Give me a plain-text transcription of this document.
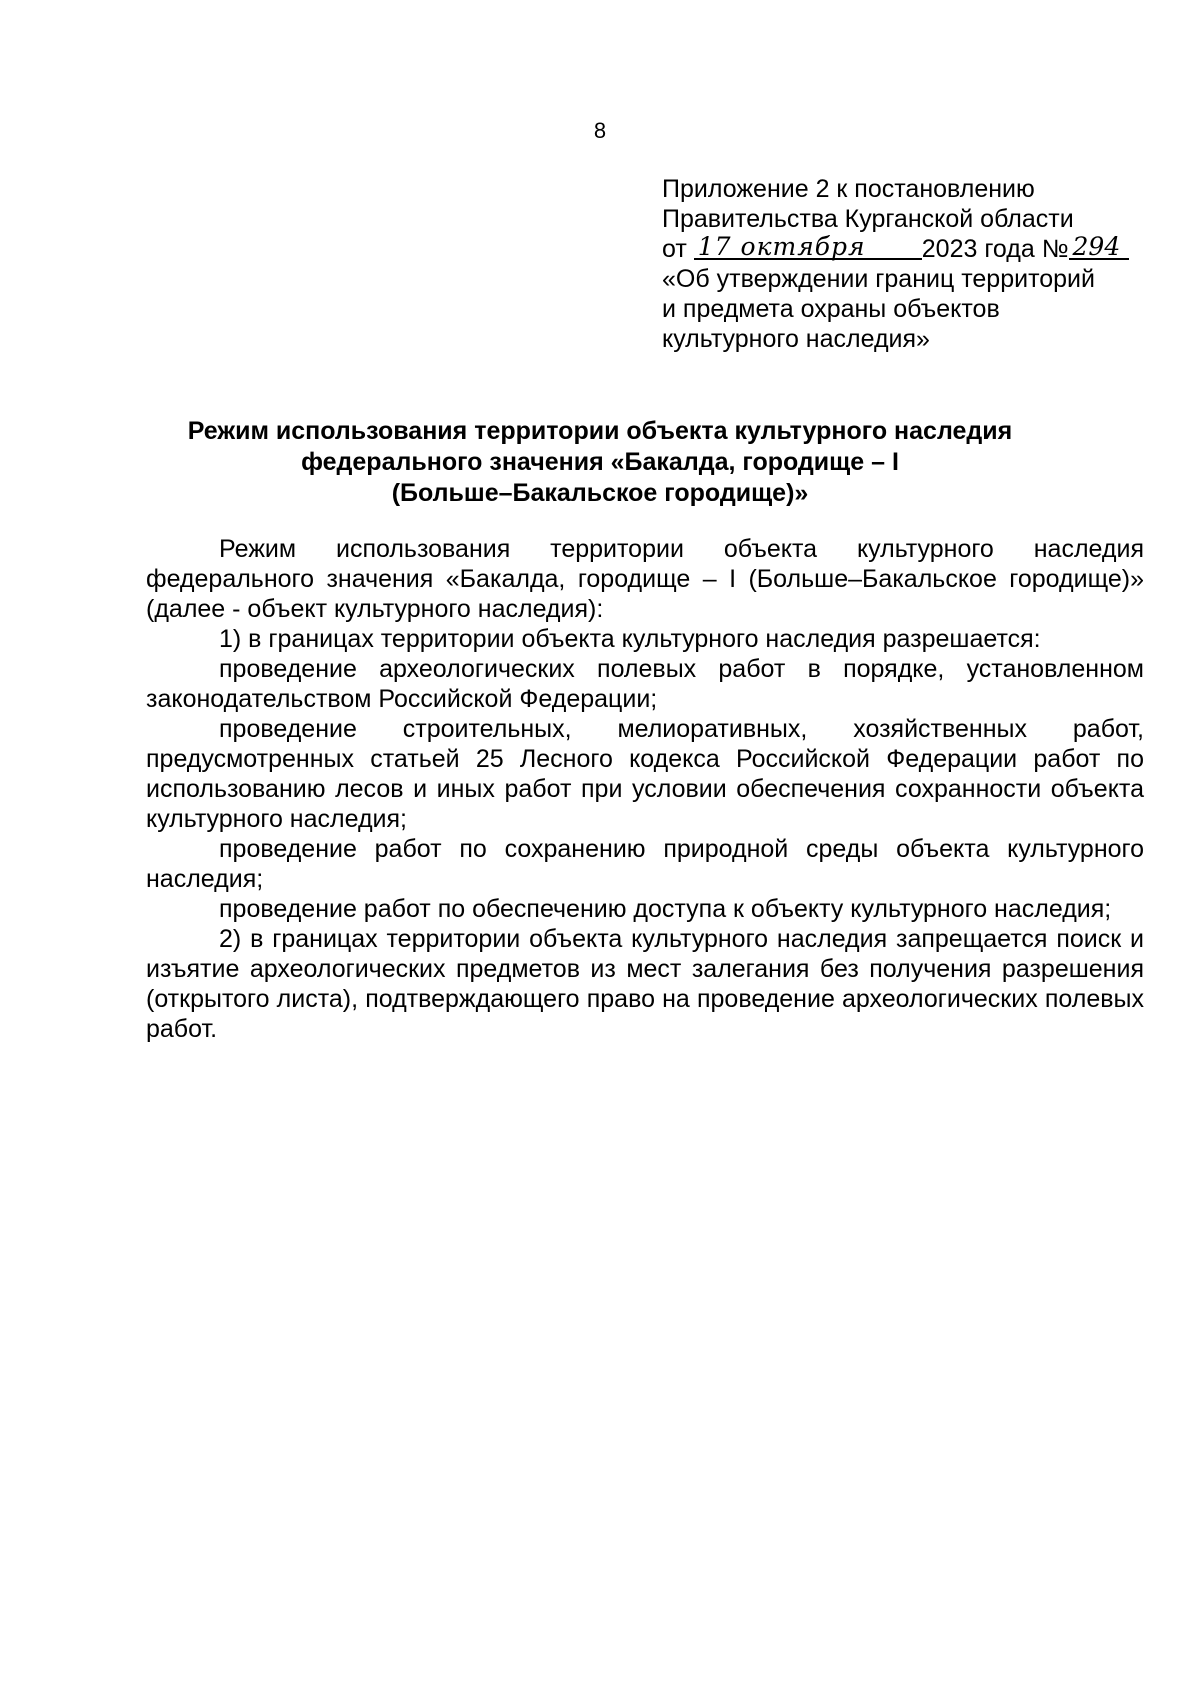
8
Приложение 2 к постановлению
Правительства Курганской области
от 17 октября 2023 года № 294
«Об утверждении границ территорий
и предмета охраны объектов
культурного наследия»
Режим использования территории объекта культурного наследия
федерального значения «Бакалда, городище – I
(Больше–Бакальское городище)»

Режим использования территории объекта культурного наследия федерального значения «Бакалда, городище – I (Больше–Бакальское городище)» (далее - объект культурного наследия):

1) в границах территории объекта культурного наследия разрешается:

проведение археологических полевых работ в порядке, установленном законодательством Российской Федерации;

проведение строительных, мелиоративных, хозяйственных работ, предусмотренных статьей 25 Лесного кодекса Российской Федерации работ по использованию лесов и иных работ при условии обеспечения сохранности объекта культурного наследия;

проведение работ по сохранению природной среды объекта культурного наследия;

проведение работ по обеспечению доступа к объекту культурного наследия;

2) в границах территории объекта культурного наследия запрещается поиск и изъятие археологических предметов из мест залегания без получения разрешения (открытого листа), подтверждающего право на проведение археологических полевых работ.
